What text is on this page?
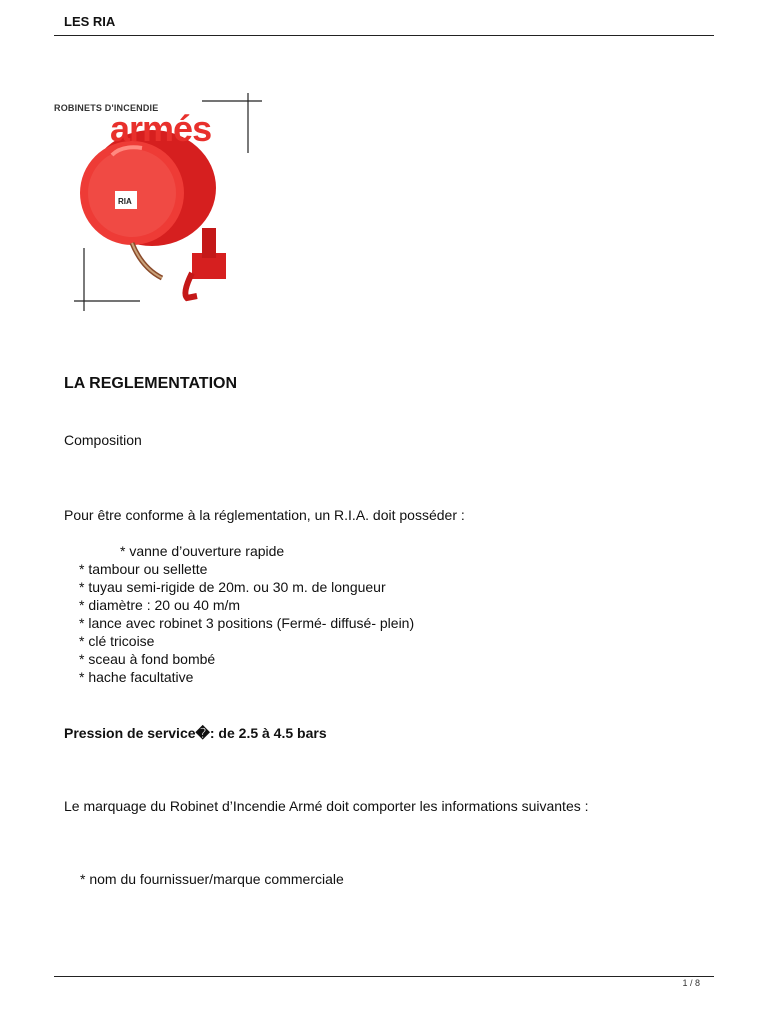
LES RIA
RIA
ROBINETS D'INCENDIE
armés
LA REGLEMENTATION
Composition
Pour être conforme à la réglementation, un R.I.A. doit posséder :
* vanne d’ouverture rapide
* tambour ou sellette
* tuyau semi-rigide de 20m. ou 30 m. de longueur
* diamètre : 20 ou 40 m/m
* lance avec robinet 3 positions (Fermé- diffusé- plein)
* clé tricoise
* sceau à fond bombé
* hache facultative
Pression de service�: de 2.5 à 4.5 bars
Le marquage du Robinet d’Incendie Armé doit comporter les informations suivantes :
* nom du fournissuer/marque commerciale
1 / 8
